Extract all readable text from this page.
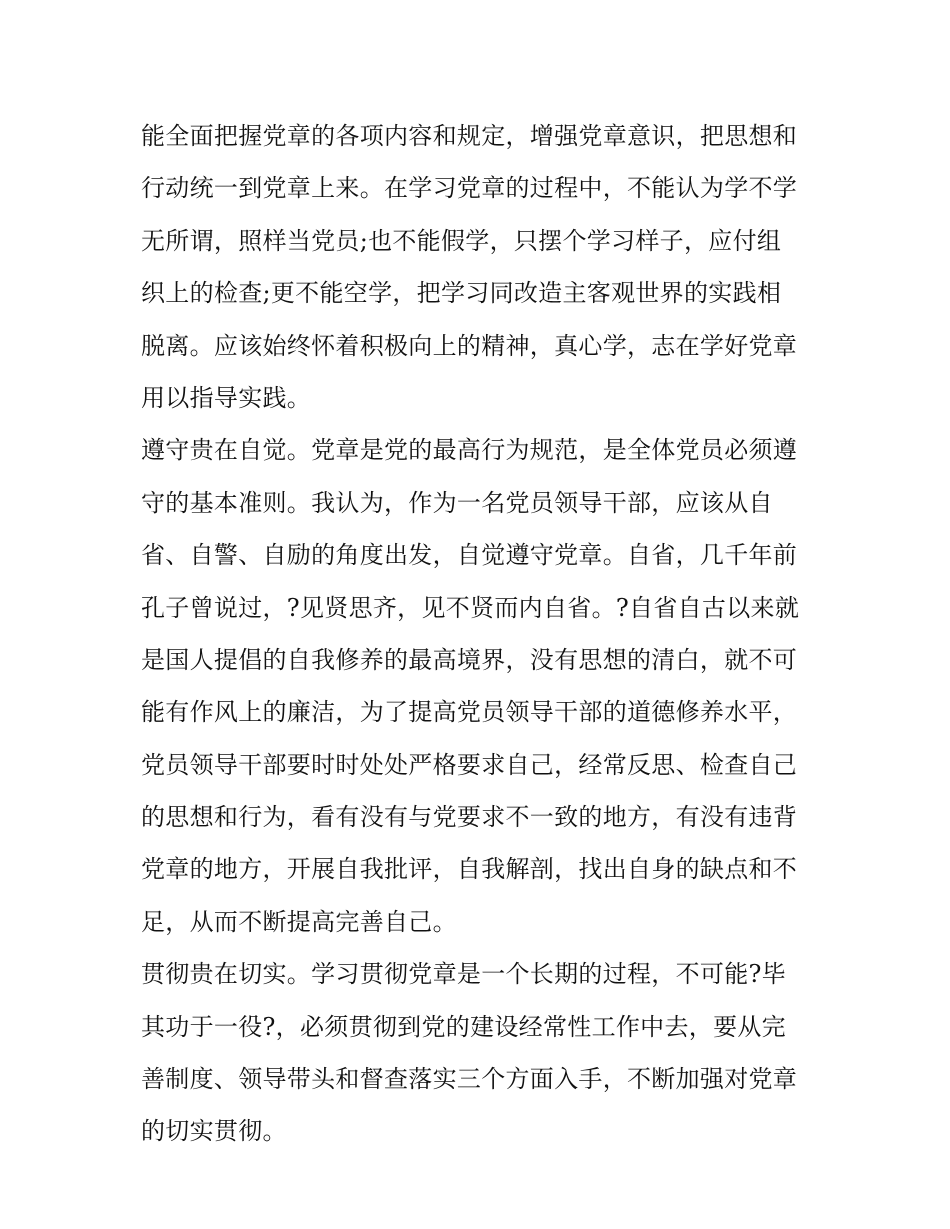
能全面把握党章的各项内容和规定，增强党章意识，把思想和
行动统一到党章上来。在学习党章的过程中，不能认为学不学
无所谓，照样当党员;也不能假学，只摆个学习样子，应付组
织上的检查;更不能空学，把学习同改造主客观世界的实践相
脱离。应该始终怀着积极向上的精神，真心学，志在学好党章
用以指导实践。
遵守贵在自觉。党章是党的最高行为规范，是全体党员必须遵
守的基本准则。我认为，作为一名党员领导干部，应该从自
省、自警、自励的角度出发，自觉遵守党章。自省，几千年前
孔子曾说过，?见贤思齐，见不贤而内自省。?自省自古以来就
是国人提倡的自我修养的最高境界，没有思想的清白，就不可
能有作风上的廉洁，为了提高党员领导干部的道德修养水平，
党员领导干部要时时处处严格要求自己，经常反思、检查自己
的思想和行为，看有没有与党要求不一致的地方，有没有违背
党章的地方，开展自我批评，自我解剖，找出自身的缺点和不
足，从而不断提高完善自己。
贯彻贵在切实。学习贯彻党章是一个长期的过程，不可能?毕
其功于一役?，必须贯彻到党的建设经常性工作中去，要从完
善制度、领导带头和督查落实三个方面入手，不断加强对党章
的切实贯彻。
